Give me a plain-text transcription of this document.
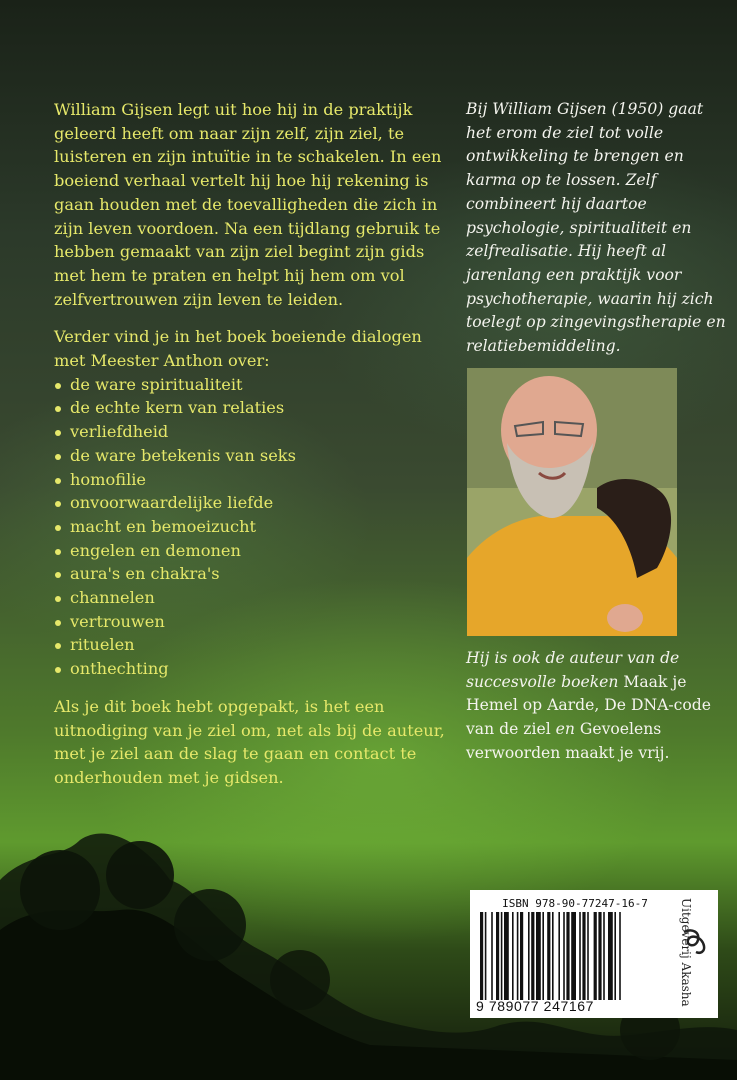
William Gijsen legt uit hoe hij in de praktijk geleerd heeft om naar zijn zelf, zijn ziel, te luisteren en zijn intuïtie in te schakelen. In een boeiend verhaal vertelt hij hoe hij rekening is gaan houden met de toevalligheden die zich in zijn leven voordoen. Na een tijdlang gebruik te hebben gemaakt van zijn ziel begint zijn gids met hem te praten en helpt hij hem om vol zelfvertrouwen zijn leven te leiden.

Verder vind je in het boek boeiende dialogen met Meester Anthon over:

de ware spiritualiteit
de echte kern van relaties
verliefdheid
de ware betekenis van seks
homofilie
onvoorwaardelijke liefde
macht en bemoeizucht
engelen en demonen
aura's en chakra's
channelen
vertrouwen
rituelen
onthechting

Als je dit boek hebt opgepakt, is het een uitnodiging van je ziel om, net als bij de auteur, met je ziel aan de slag te gaan en contact te onderhouden met je gidsen.

Bij William Gijsen (1950) gaat het erom de ziel tot volle ontwikkeling te brengen en karma op te lossen. Zelf combineert hij daartoe psychologie, spiritualiteit en zelfrealisatie. Hij heeft al jarenlang een praktijk voor psychotherapie, waarin hij zich toelegt op zingevingstherapie en relatiebemiddeling.

Hij is ook de auteur van de succesvolle boeken Maak je Hemel op Aarde, De DNA-code van de ziel en Gevoelens verwoorden maakt je vrij.
ISBN 978-90-77247-16-7
9 789077 247167	Uitgeverij Akasha
